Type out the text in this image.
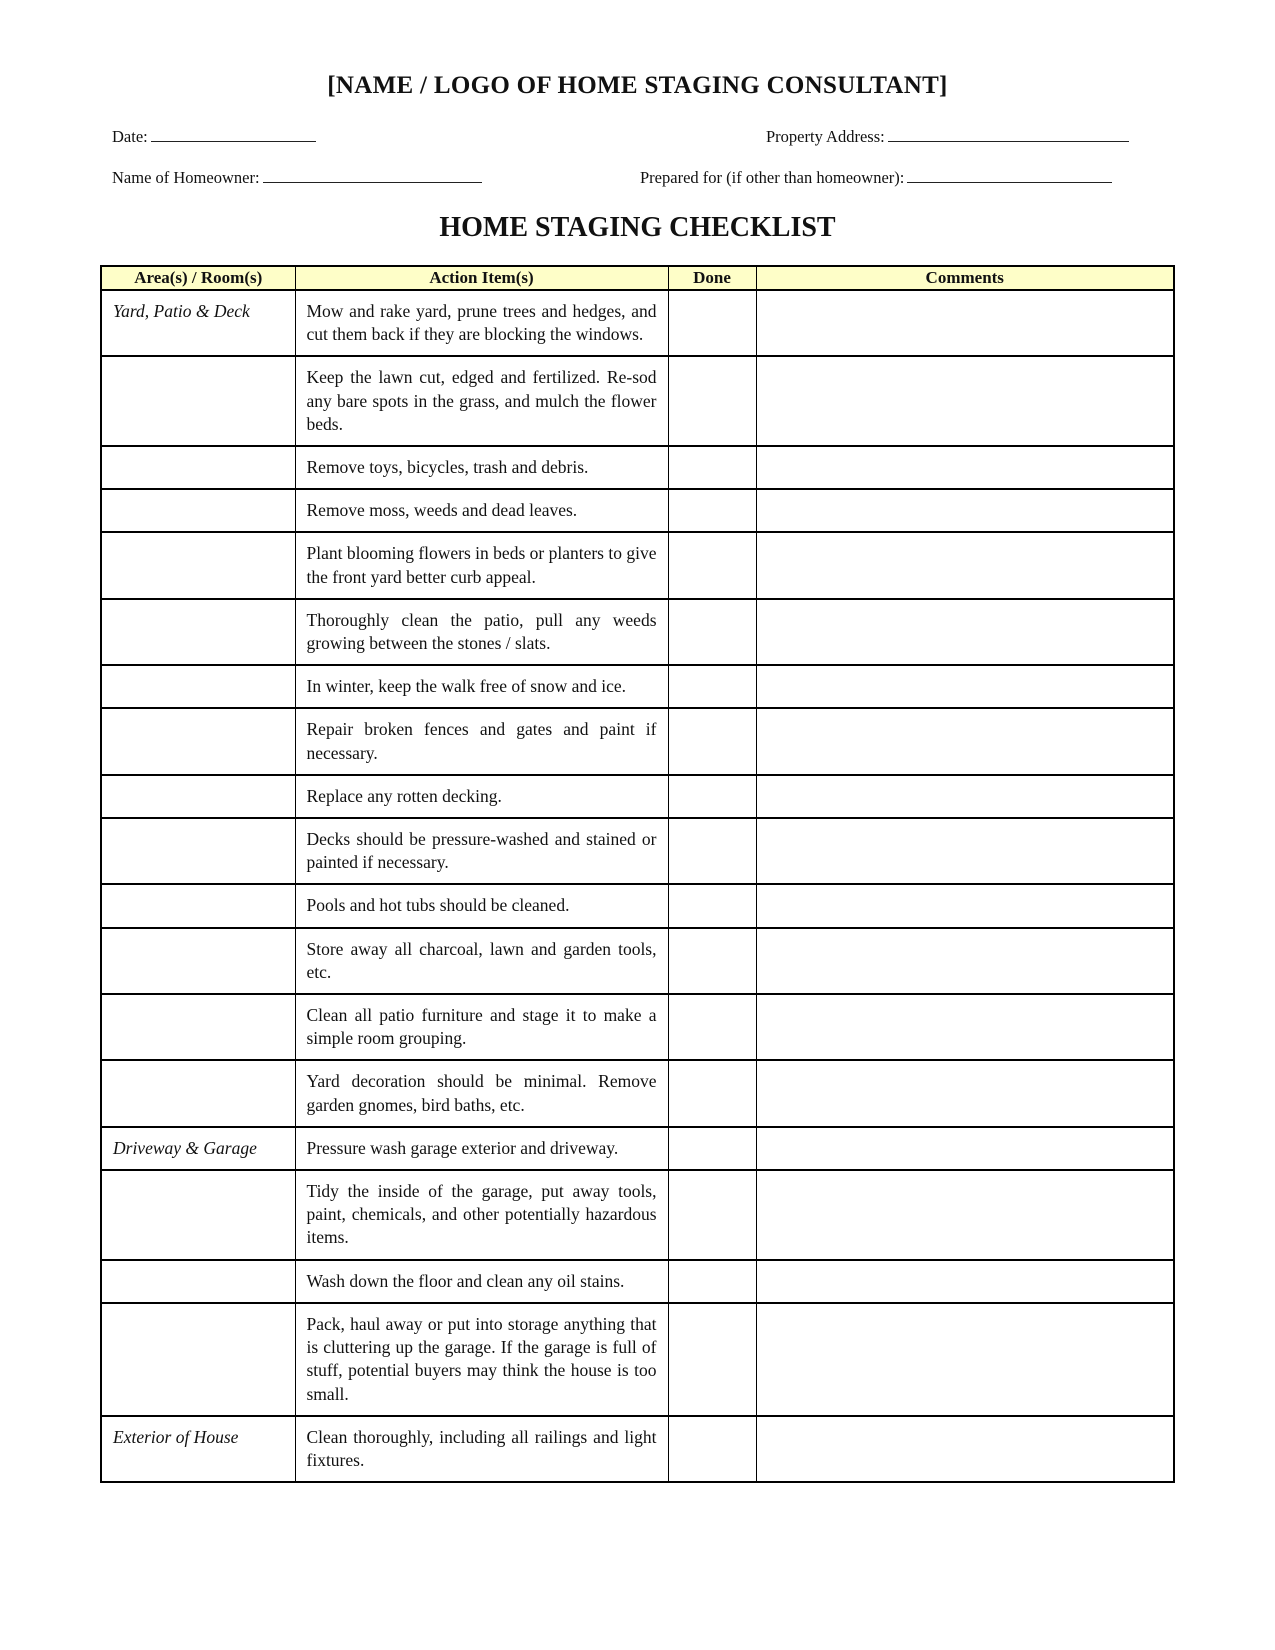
[NAME / LOGO OF HOME STAGING CONSULTANT]
Date:	Property Address:
Name of Homeowner:	Prepared for (if other than homeowner):
HOME STAGING CHECKLIST
Area(s) / Room(s)	Action Item(s)	Done	Comments
Yard, Patio & Deck	Mow and rake yard, prune trees and hedges, and cut them back if they are blocking the windows.		
	Keep the lawn cut, edged and fertilized. Re-sod any bare spots in the grass, and mulch the flower beds.		
	Remove toys, bicycles, trash and debris.		
	Remove moss, weeds and dead leaves.		
	Plant blooming flowers in beds or planters to give the front yard better curb appeal.		
	Thoroughly clean the patio, pull any weeds growing between the stones / slats.		
	In winter, keep the walk free of snow and ice.		
	Repair broken fences and gates and paint if necessary.		
	Replace any rotten decking.		
	Decks should be pressure-washed and stained or painted if necessary.		
	Pools and hot tubs should be cleaned.		
	Store away all charcoal, lawn and garden tools, etc.		
	Clean all patio furniture and stage it to make a simple room grouping.		
	Yard decoration should be minimal. Remove garden gnomes, bird baths, etc.		
Driveway & Garage	Pressure wash garage exterior and driveway.		
	Tidy the inside of the garage, put away tools, paint, chemicals, and other potentially hazardous items.		
	Wash down the floor and clean any oil stains.		
	Pack, haul away or put into storage anything that is cluttering up the garage. If the garage is full of stuff, potential buyers may think the house is too small.		
Exterior of House	Clean thoroughly, including all railings and light fixtures.		
